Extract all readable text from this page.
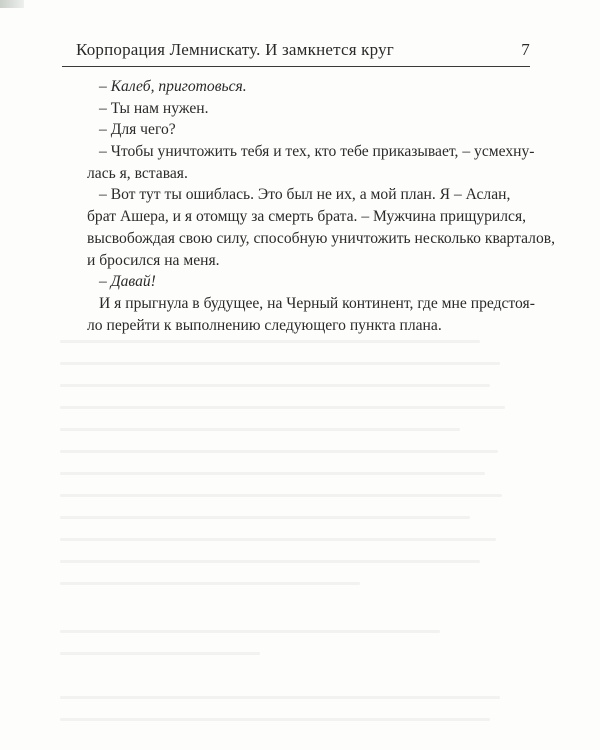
Корпорация Лемнискату. И замкнется круг	7
– Калеб, приготовься.
– Ты нам нужен.
– Для чего?
– Чтобы уничтожить тебя и тех, кто тебе приказывает, – усмехну-
лась я, вставая.
– Вот тут ты ошиблась. Это был не их, а мой план. Я – Аслан,
брат Ашера, и я отомщу за смерть брата. – Мужчина прищурился,
высвобождая свою силу, способную уничтожить несколько кварталов,
и бросился на меня.
– Давай!
И я прыгнула в будущее, на Черный континент, где мне предстоя-
ло перейти к выполнению следующего пункта плана.
